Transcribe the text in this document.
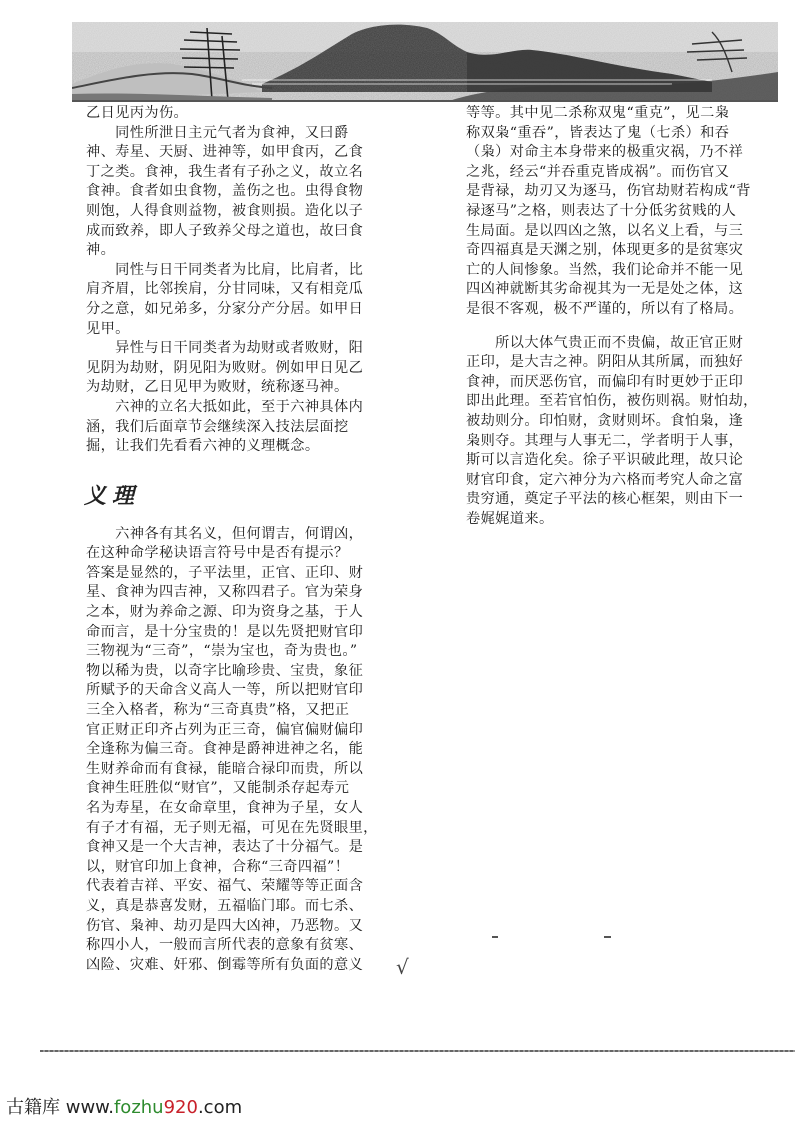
乙日见丙为伤。
　　同性所泄日主元气者为食神，又曰爵
神、寿星、天厨、进神等，如甲食丙，乙食
丁之类。食神，我生者有子孙之义，故立名
食神。食者如虫食物，盖伤之也。虫得食物
则饱，人得食则益物，被食则损。造化以子
成而致养，即人子致养父母之道也，故曰食
神。
　　同性与日干同类者为比肩，比肩者，比
肩齐眉，比邻挨肩，分甘同味，又有相竞瓜
分之意，如兄弟多，分家分产分居。如甲日
见甲。
　　异性与日干同类者为劫财或者败财，阳
见阴为劫财，阴见阳为败财。例如甲日见乙
为劫财，乙日见甲为败财，统称逐马神。
　　六神的立名大抵如此，至于六神具体内
涵，我们后面章节会继续深入技法层面挖
掘，让我们先看看六神的义理概念。
义理
　　六神各有其名义，但何谓吉，何谓凶，
在这种命学秘诀语言符号中是否有提示？
答案是显然的，子平法里，正官、正印、财
星、食神为四吉神，又称四君子。官为荣身
之本，财为养命之源、印为资身之基，于人
命而言，是十分宝贵的！是以先贤把财官印
三物视为“三奇”，“崇为宝也，奇为贵也。”
物以稀为贵，以奇字比喻珍贵、宝贵，象征
所赋予的天命含义高人一等，所以把财官印
三全入格者，称为“三奇真贵”格，又把正
官正财正印齐占列为正三奇，偏官偏财偏印
全逢称为偏三奇。食神是爵神进神之名，能
生财养命而有食禄，能暗合禄印而贵，所以
食神生旺胜似“财官”，又能制杀存起寿元
名为寿星，在女命章里，食神为子星，女人
有子才有福，无子则无福，可见在先贤眼里，
食神又是一个大吉神，表达了十分福气。是
以，财官印加上食神，合称“三奇四福”！
代表着吉祥、平安、福气、荣耀等等正面含
义，真是恭喜发财，五福临门耶。而七杀、
伤官、枭神、劫刃是四大凶神，乃恶物。又
称四小人，一般而言所代表的意象有贫寒、
凶险、灾难、奸邪、倒霉等所有负面的意义
等等。其中见二杀称双鬼“重克”，见二枭
称双枭“重吞”，皆表达了鬼（七杀）和吞
（枭）对命主本身带来的极重灾祸，乃不祥
之兆，经云“并吞重克皆成祸”。而伤官又
是背禄，劫刃又为逐马，伤官劫财若构成“背
禄逐马”之格，则表达了十分低劣贫贱的人
生局面。是以四凶之煞，以名义上看，与三
奇四福真是天渊之别，体现更多的是贫寒灾
亡的人间惨象。当然，我们论命并不能一见
四凶神就断其劣命视其为一无是处之体，这
是很不客观，极不严谨的，所以有了格局。
　　所以大体气贵正而不贵偏，故正官正财
正印，是大吉之神。阴阳从其所属，而独好
食神，而厌恶伤官，而偏印有时更妙于正印
即出此理。至若官怕伤，被伤则祸。财怕劫，
被劫则分。印怕财，贪财则坏。食怕枭，逢
枭则夺。其理与人事无二，学者明于人事，
斯可以言造化矣。徐子平识破此理，故只论
财官印食，定六神分为六格而考究人命之富
贵穷通，奠定子平法的核心框架，则由下一
卷娓娓道来。
√
古籍库 www.fozhu920.com
